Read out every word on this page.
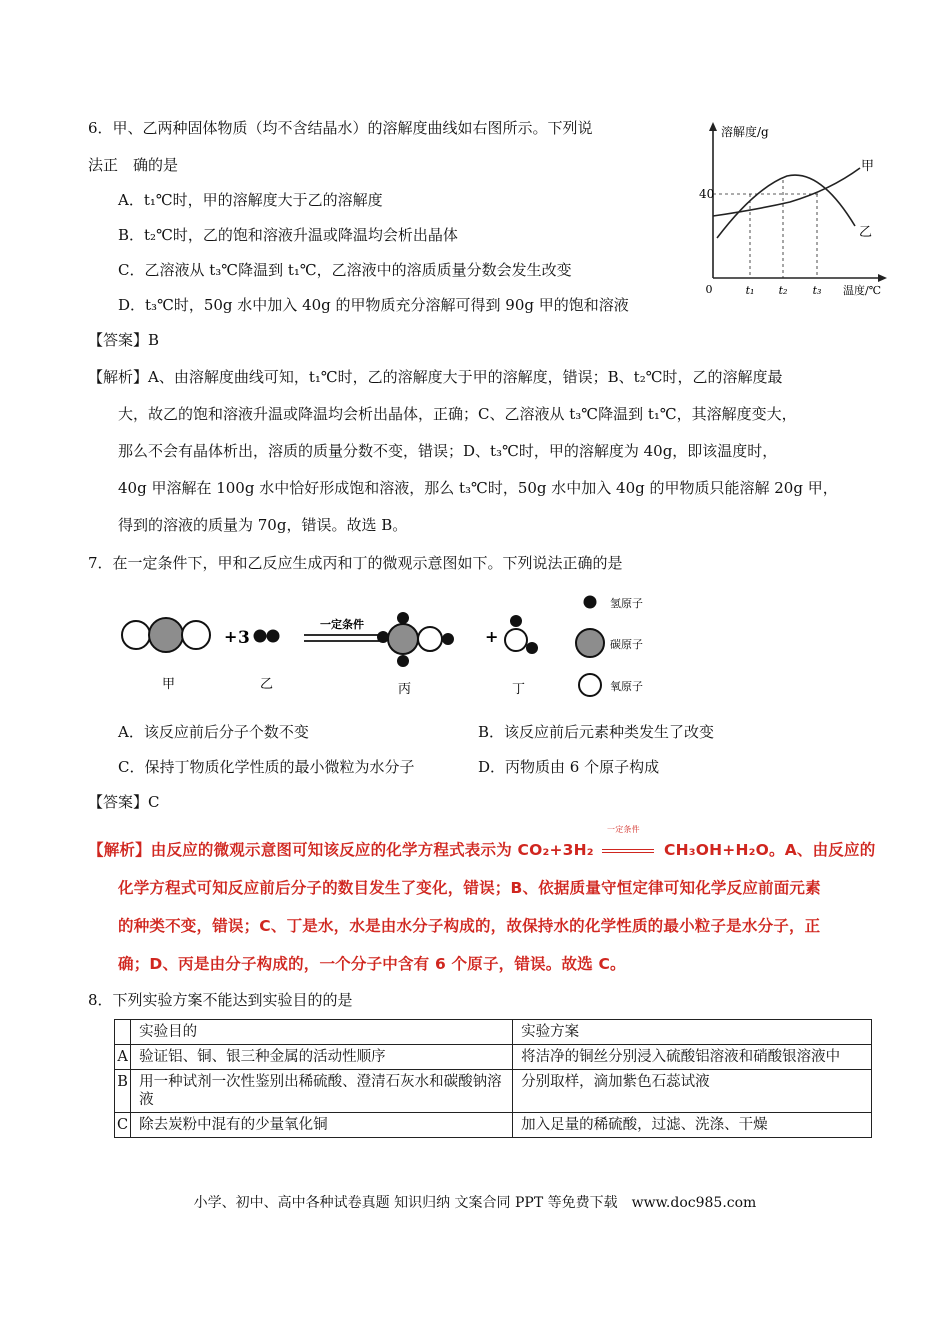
6．甲、乙两种固体物质（均不含结晶水）的溶解度曲线如右图所示。下列说
法正　确的是
A．t₁℃时，甲的溶解度大于乙的溶解度
B．t₂℃时，乙的饱和溶液升温或降温均会析出晶体
C．乙溶液从 t₃℃降温到 t₁℃，乙溶液中的溶质质量分数会发生改变
D．t₃℃时，50g 水中加入 40g 的甲物质充分溶解可得到 90g 甲的饱和溶液
溶解度/g
温度/℃
0
40
t₁ t₂ t₃
甲
乙
【答案】B
【解析】A、由溶解度曲线可知，t₁℃时，乙的溶解度大于甲的溶解度，错误；B、t₂℃时，乙的溶解度最
大，故乙的饱和溶液升温或降温均会析出晶体，正确；C、乙溶液从 t₃℃降温到 t₁℃，其溶解度变大，
那么不会有晶体析出，溶质的质量分数不变，错误；D、t₃℃时，甲的溶解度为 40g，即该温度时，
40g 甲溶解在 100g 水中恰好形成饱和溶液，那么 t₃℃时，50g 水中加入 40g 的甲物质只能溶解 20g 甲，
得到的溶液的质量为 70g，错误。故选 B。
7．在一定条件下，甲和乙反应生成丙和丁的微观示意图如下。下列说法正确的是
甲
+ 3
乙
一定条件
丙
+
丁
氢原子
碳原子
氧原子
A．该反应前后分子个数不变	B．该反应前后元素种类发生了改变
C．保持丁物质化学性质的最小微粒为水分子	D．丙物质由 6 个原子构成
【答案】C
【解析】由反应的微观示意图可知该反应的化学方程式表示为 CO₂+3H₂
一定条件
CH₃OH+H₂O。A、由反应的
化学方程式可知反应前后分子的数目发生了变化，错误；B、依据质量守恒定律可知化学反应前面元素
的种类不变，错误；C、丁是水，水是由水分子构成的，故保持水的化学性质的最小粒子是水分子，正
确；D、丙是由分子构成的，一个分子中含有 6 个原子，错误。故选 C。
8．下列实验方案不能达到实验目的的是
	实验目的	实验方案
A	验证铝、铜、银三种金属的活动性顺序	将洁净的铜丝分别浸入硫酸铝溶液和硝酸银溶液中
B	用一种试剂一次性鉴别出稀硫酸、澄清石灰水和碳酸钠溶液	分别取样，滴加紫色石蕊试液
C	除去炭粉中混有的少量氧化铜	加入足量的稀硫酸，过滤、洗涤、干燥
小学、初中、高中各种试卷真题 知识归纳 文案合同 PPT 等免费下载　www.doc985.com
